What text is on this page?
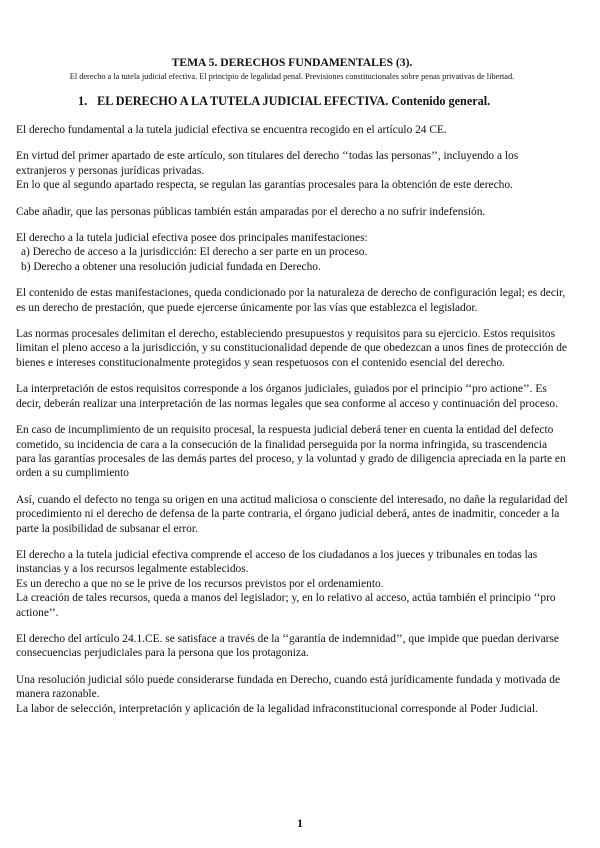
TEMA 5. DERECHOS FUNDAMENTALES (3).

El derecho a la tutela judicial efectiva. El principio de legalidad penal. Previsiones constitucionales sobre penas privativas de libertad.

1. EL DERECHO A LA TUTELA JUDICIAL EFECTIVA. Contenido general.

El derecho fundamental a la tutela judicial efectiva se encuentra recogido en el artículo 24 CE.

En virtud del primer apartado de este artículo, son titulares del derecho ‘‘todas las personas’’, incluyendo a los extranjeros y personas jurídicas privadas.

En lo que al segundo apartado respecta, se regulan las garantías procesales para la obtención de este derecho.

Cabe añadir, que las personas públicas también están amparadas por el derecho a no sufrir indefensión.

El derecho a la tutela judicial efectiva posee dos principales manifestaciones:

a) Derecho de acceso a la jurisdicción: El derecho a ser parte en un proceso.

b) Derecho a obtener una resolución judicial fundada en Derecho.

El contenido de estas manifestaciones, queda condicionado por la naturaleza de derecho de configuración legal; es decir, es un derecho de prestación, que puede ejercerse únicamente por las vías que establezca el legislador.

Las normas procesales delimitan el derecho, estableciendo presupuestos y requisitos para su ejercicio. Estos requisitos limitan el pleno acceso a la jurisdicción, y su constitucionalidad depende de que obedezcan a unos fines de protección de bienes e intereses constitucionalmente protegidos y sean respetuosos con el contenido esencial del derecho.

La interpretación de estos requisitos corresponde a los órganos judiciales, guiados por el principio ‘‘pro actione’’. Es decir, deberán realizar una interpretación de las normas legales que sea conforme al acceso y continuación del proceso.

En caso de incumplimiento de un requisito procesal, la respuesta judicial deberá tener en cuenta la entidad del defecto cometido, su incidencia de cara a la consecución de la finalidad perseguida por la norma infringida, su trascendencia para las garantías procesales de las demás partes del proceso, y la voluntad y grado de diligencia apreciada en la parte en orden a su cumplimiento

Así, cuando el defecto no tenga su origen en una actitud maliciosa o consciente del interesado, no dañe la regularidad del procedimiento ni el derecho de defensa de la parte contraria, el órgano judicial deberá, antes de inadmitir, conceder a la parte la posibilidad de subsanar el error.

El derecho a la tutela judicial efectiva comprende el acceso de los ciudadanos a los jueces y tribunales en todas las instancias y a los recursos legalmente establecidos.

Es un derecho a que no se le prive de los recursos previstos por el ordenamiento.

La creación de tales recursos, queda a manos del legislador; y, en lo relativo al acceso, actúa también el principio ‘‘pro actione’’.

El derecho del artículo 24.1.CE. se satisface a través de la ‘‘garantía de indemnidad’’, que impide que puedan derivarse consecuencias perjudiciales para la persona que los protagoniza.

Una resolución judicial sólo puede considerarse fundada en Derecho, cuando está jurídicamente fundada y motivada de manera razonable.

La labor de selección, interpretación y aplicación de la legalidad infraconstitucional corresponde al Poder Judicial.

1
